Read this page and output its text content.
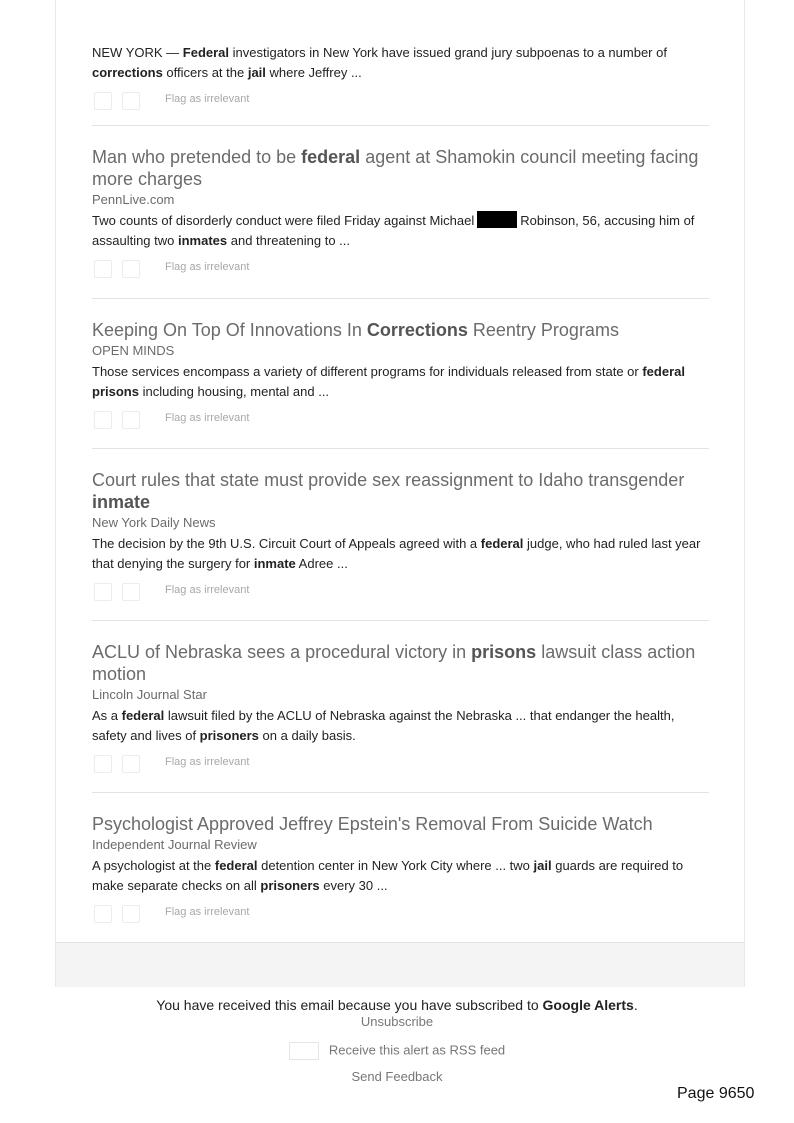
NEW YORK — Federal investigators in New York have issued grand jury subpoenas to a number of corrections officers at the jail where Jeffrey ...
Flag as irrelevant
Man who pretended to be federal agent at Shamokin council meeting facing more charges
PennLive.com
Two counts of disorderly conduct were filed Friday against Michael	Robinson, 56, accusing him of assaulting two inmates and threatening to ...
Flag as irrelevant
Keeping On Top Of Innovations In Corrections Reentry Programs
OPEN MINDS
Those services encompass a variety of different programs for individuals released from state or federal prisons including housing, mental and ...
Flag as irrelevant
Court rules that state must provide sex reassignment to Idaho transgender inmate
New York Daily News
The decision by the 9th U.S. Circuit Court of Appeals agreed with a federal judge, who had ruled last year that denying the surgery for inmate Adree ...
Flag as irrelevant
ACLU of Nebraska sees a procedural victory in prisons lawsuit class action motion
Lincoln Journal Star
As a federal lawsuit filed by the ACLU of Nebraska against the Nebraska ... that endanger the health, safety and lives of prisoners on a daily basis.
Flag as irrelevant
Psychologist Approved Jeffrey Epstein's Removal From Suicide Watch
Independent Journal Review
A psychologist at the federal detention center in New York City where ... two jail guards are required to make separate checks on all prisoners every 30 ...
Flag as irrelevant
You have received this email because you have subscribed to Google Alerts.
Unsubscribe
Receive this alert as RSS feed
Send Feedback
Page 9650
